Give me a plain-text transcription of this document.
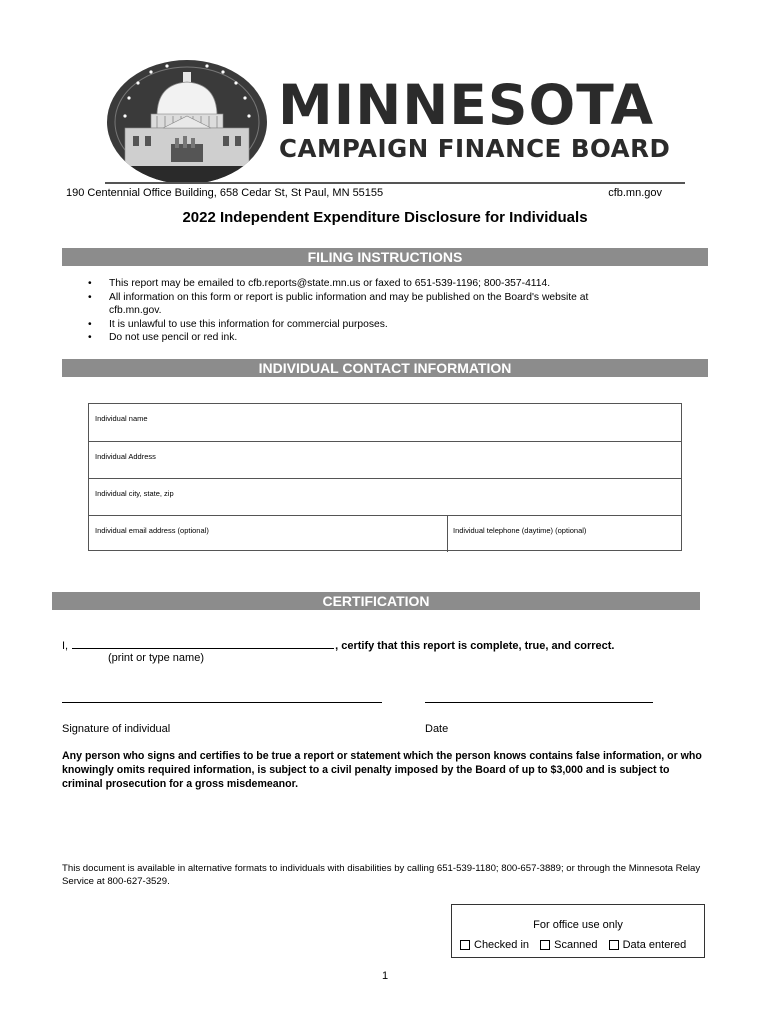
MINNESOTA
CAMPAIGN FINANCE BOARD
190 Centennial Office Building, 658 Cedar St, St Paul, MN 55155	cfb.mn.gov
2022 Independent Expenditure Disclosure for Individuals
FILING INSTRUCTIONS
• This report may be emailed to cfb.reports@state.mn.us or faxed to 651-539-1196; 800-357-4114.
• All information on this form or report is public information and may be published on the Board's website at cfb.mn.gov.
• It is unlawful to use this information for commercial purposes.
• Do not use pencil or red ink.
INDIVIDUAL CONTACT INFORMATION
Individual name
Individual Address
Individual city, state, zip
Individual email address (optional)	Individual telephone (daytime) (optional)
CERTIFICATION
I,	, certify that this report is complete, true, and correct.
(print or type name)
Signature of individual	Date
Any person who signs and certifies to be true a report or statement which the person knows contains false information, or who knowingly omits required information, is subject to a civil penalty imposed by the Board of up to $3,000 and is subject to criminal prosecution for a gross misdemeanor.
This document is available in alternative formats to individuals with disabilities by calling 651-539-1180; 800-657-3889; or through the Minnesota Relay Service at 800-627-3529.
For office use only
Checked in
Scanned
Data entered
1
